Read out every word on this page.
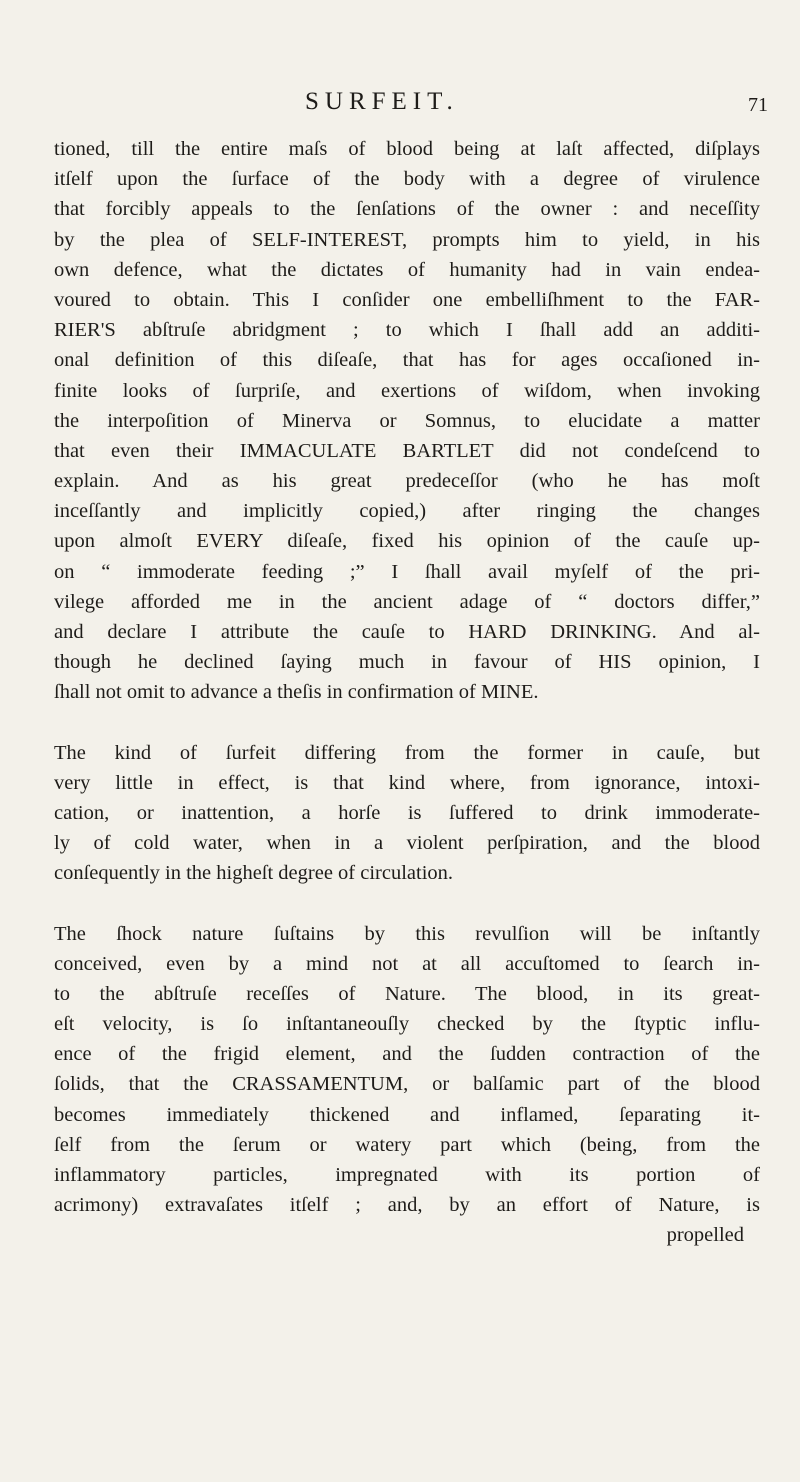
SURFEIT.	71
tioned, till the entire maſs of blood being at laſt affected, diſplays
itſelf upon the ſurface of the body with a degree of virulence
that forcibly appeals to the ſenſations of the owner : and neceſſity
by the plea of SELF-INTEREST, prompts him to yield, in his
own defence, what the dictates of humanity had in vain endea-
voured to obtain. This I conſider one embelliſhment to the FAR-
RIER'S abſtruſe abridgment ; to which I ſhall add an additi-
onal definition of this diſeaſe, that has for ages occaſioned in-
finite looks of ſurpriſe, and exertions of wiſdom, when invoking
the interpoſition of Minerva or Somnus, to elucidate a matter
that even their IMMACULATE BARTLET did not condeſcend to
explain. And as his great predeceſſor (who he has moſt
inceſſantly and implicitly copied,) after ringing the changes
upon almoſt EVERY diſeaſe, fixed his opinion of the cauſe up-
on “ immoderate feeding ;” I ſhall avail myſelf of the pri-
vilege afforded me in the ancient adage of “ doctors differ,”
and declare I attribute the cauſe to HARD DRINKING. And al-
though he declined ſaying much in favour of HIS opinion, I
ſhall not omit to advance a theſis in confirmation of MINE.
The kind of ſurfeit differing from the former in cauſe, but
very little in effect, is that kind where, from ignorance, intoxi-
cation, or inattention, a horſe is ſuffered to drink immoderate-
ly of cold water, when in a violent perſpiration, and the blood
conſequently in the higheſt degree of circulation.
The ſhock nature ſuſtains by this revulſion will be inſtantly
conceived, even by a mind not at all accuſtomed to ſearch in-
to the abſtruſe receſſes of Nature. The blood, in its great-
eſt velocity, is ſo inſtantaneouſly checked by the ſtyptic influ-
ence of the frigid element, and the ſudden contraction of the
ſolids, that the CRASSAMENTUM, or balſamic part of the blood
becomes immediately thickened and inflamed, ſeparating it-
ſelf from the ſerum or watery part which (being, from the
inflammatory particles, impregnated with its portion of
acrimony) extravaſates itſelf ; and, by an effort of Nature, is
propelled
